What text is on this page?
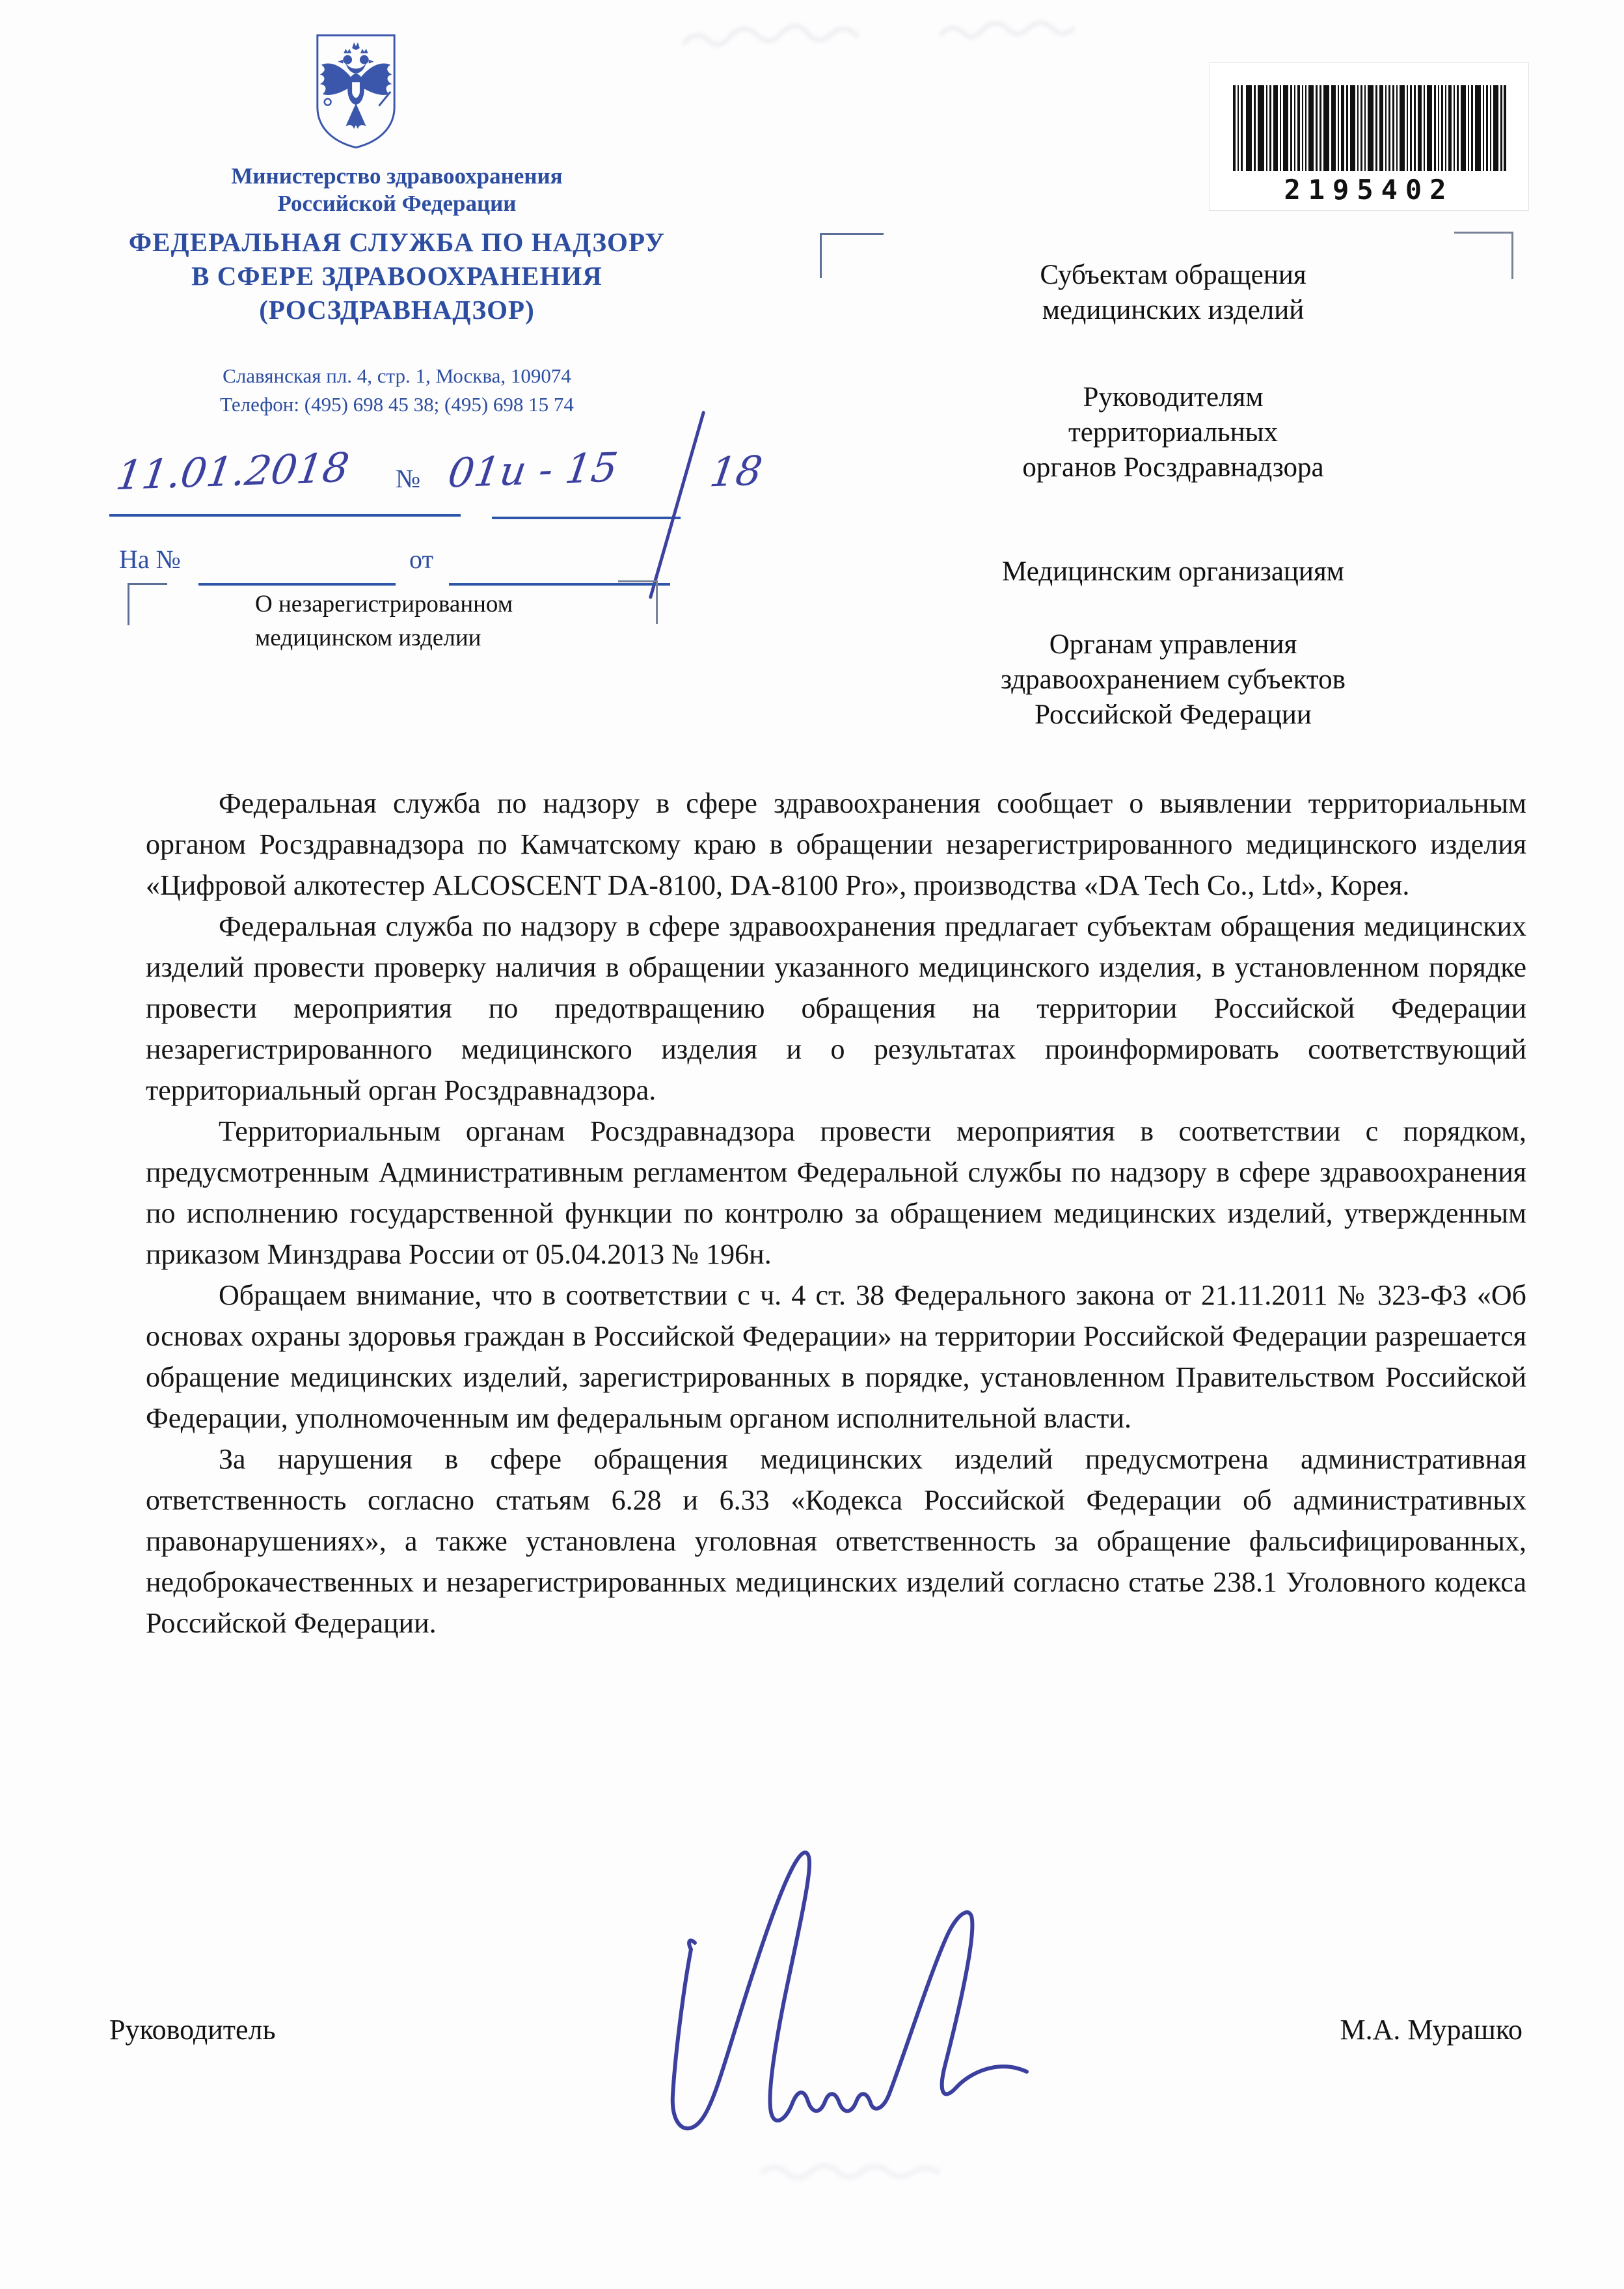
Министерство здравоохранения
Российской Федерации
ФЕДЕРАЛЬНАЯ СЛУЖБА ПО НАДЗОРУ
В СФЕРЕ ЗДРАВООХРАНЕНИЯ
(РОСЗДРАВНАДЗОР)
Славянская пл. 4, стр. 1, Москва, 109074
Телефон: (495) 698 45 38; (495) 698 15 74
11.01.2018 № 01и - 15 18
На №	от
О незарегистрированном
медицинском изделии
2195402
Субъектам обращения
медицинских изделий
Руководителям
территориальных
органов Росздравнадзора
Медицинским организациям
Органам управления
здравоохранением субъектов
Российской Федерации

Федеральная служба по надзору в сфере здравоохранения сообщает о выявлении территориальным органом Росздравнадзора по Камчатскому краю в обращении незарегистрированного медицинского изделия «Цифровой алкотестер ALCOSCENT DA-8100, DA-8100 Pro», производства «DA Tech Co., Ltd», Корея.

Федеральная служба по надзору в сфере здравоохранения предлагает субъектам обращения медицинских изделий провести проверку наличия в обращении указанного медицинского изделия, в установленном порядке провести мероприятия по предотвращению обращения на территории Российской Федерации незарегистрированного медицинского изделия и о результатах проинформировать соответствующий территориальный орган Росздравнадзора.

Территориальным органам Росздравнадзора провести мероприятия в соответствии с порядком, предусмотренным Административным регламентом Федеральной службы по надзору в сфере здравоохранения по исполнению государственной функции по контролю за обращением медицинских изделий, утвержденным приказом Минздрава России от 05.04.2013 № 196н.

Обращаем внимание, что в соответствии с ч. 4 ст. 38 Федерального закона от 21.11.2011 № 323-ФЗ «Об основах охраны здоровья граждан в Российской Федерации» на территории Российской Федерации разрешается обращение медицинских изделий, зарегистрированных в порядке, установленном Правительством Российской Федерации, уполномоченным им федеральным органом исполнительной власти.

За нарушения в сфере обращения медицинских изделий предусмотрена административная ответственность согласно статьям 6.28 и 6.33 «Кодекса Российской Федерации об административных правонарушениях», а также установлена уголовная ответственность за обращение фальсифицированных, недоброкачественных и незарегистрированных медицинских изделий согласно статье 238.1 Уголовного кодекса Российской Федерации.

Руководитель	М.А. Мурашко
